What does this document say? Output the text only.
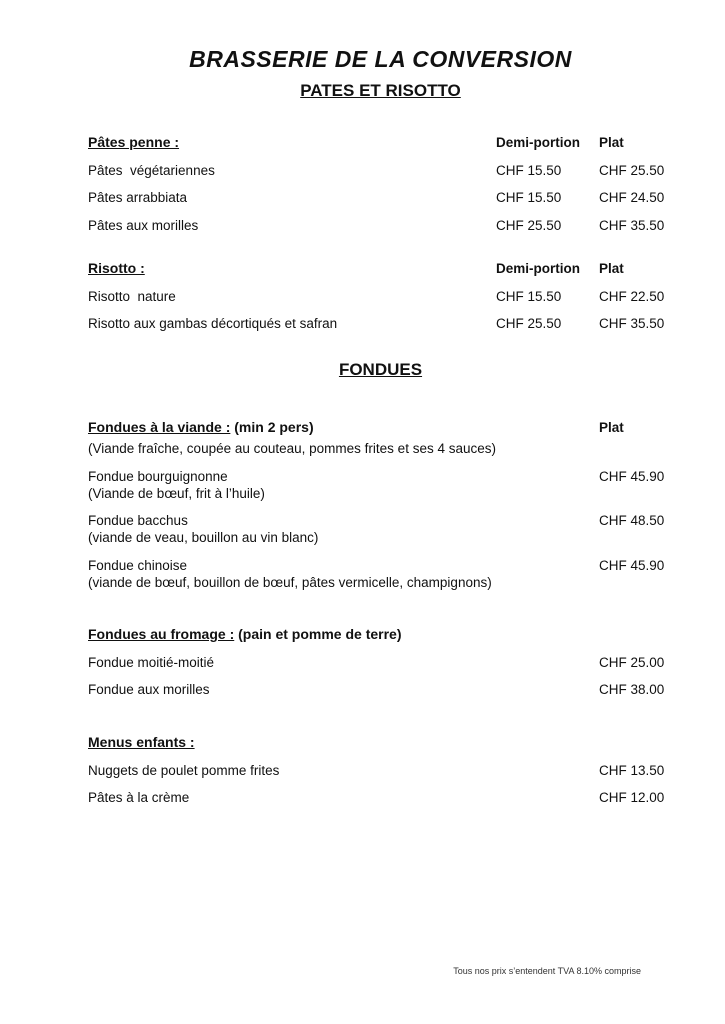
BRASSERIE DE LA CONVERSION
PATES ET RISOTTO
Pâtes penne :	Demi-portion	Plat
Pâtes  végétariennes	CHF 15.50	CHF 25.50
Pâtes arrabbiata	CHF 15.50	CHF 24.50
Pâtes aux morilles	CHF 25.50	CHF 35.50
Risotto :	Demi-portion	Plat
Risotto  nature	CHF 15.50	CHF 22.50
Risotto aux gambas décortiqués et safran	CHF 25.50	CHF 35.50
FONDUES
Fondues à la viande : (min 2 pers)	Plat
(Viande fraîche, coupée au couteau, pommes frites et ses 4 sauces)
Fondue bourguignonne	CHF 45.90
(Viande de bœuf, frit à l’huile)
Fondue bacchus	CHF 48.50
(viande de veau, bouillon au vin blanc)
Fondue chinoise	CHF 45.90
(viande de bœuf, bouillon de bœuf, pâtes vermicelle, champignons)
Fondues au fromage : (pain et pomme de terre)
Fondue moitié-moitié	CHF 25.00
Fondue aux morilles	CHF 38.00
Menus enfants :
Nuggets de poulet pomme frites	CHF 13.50
Pâtes à la crème	CHF 12.00
Tous nos prix s’entendent TVA 8.10% comprise
